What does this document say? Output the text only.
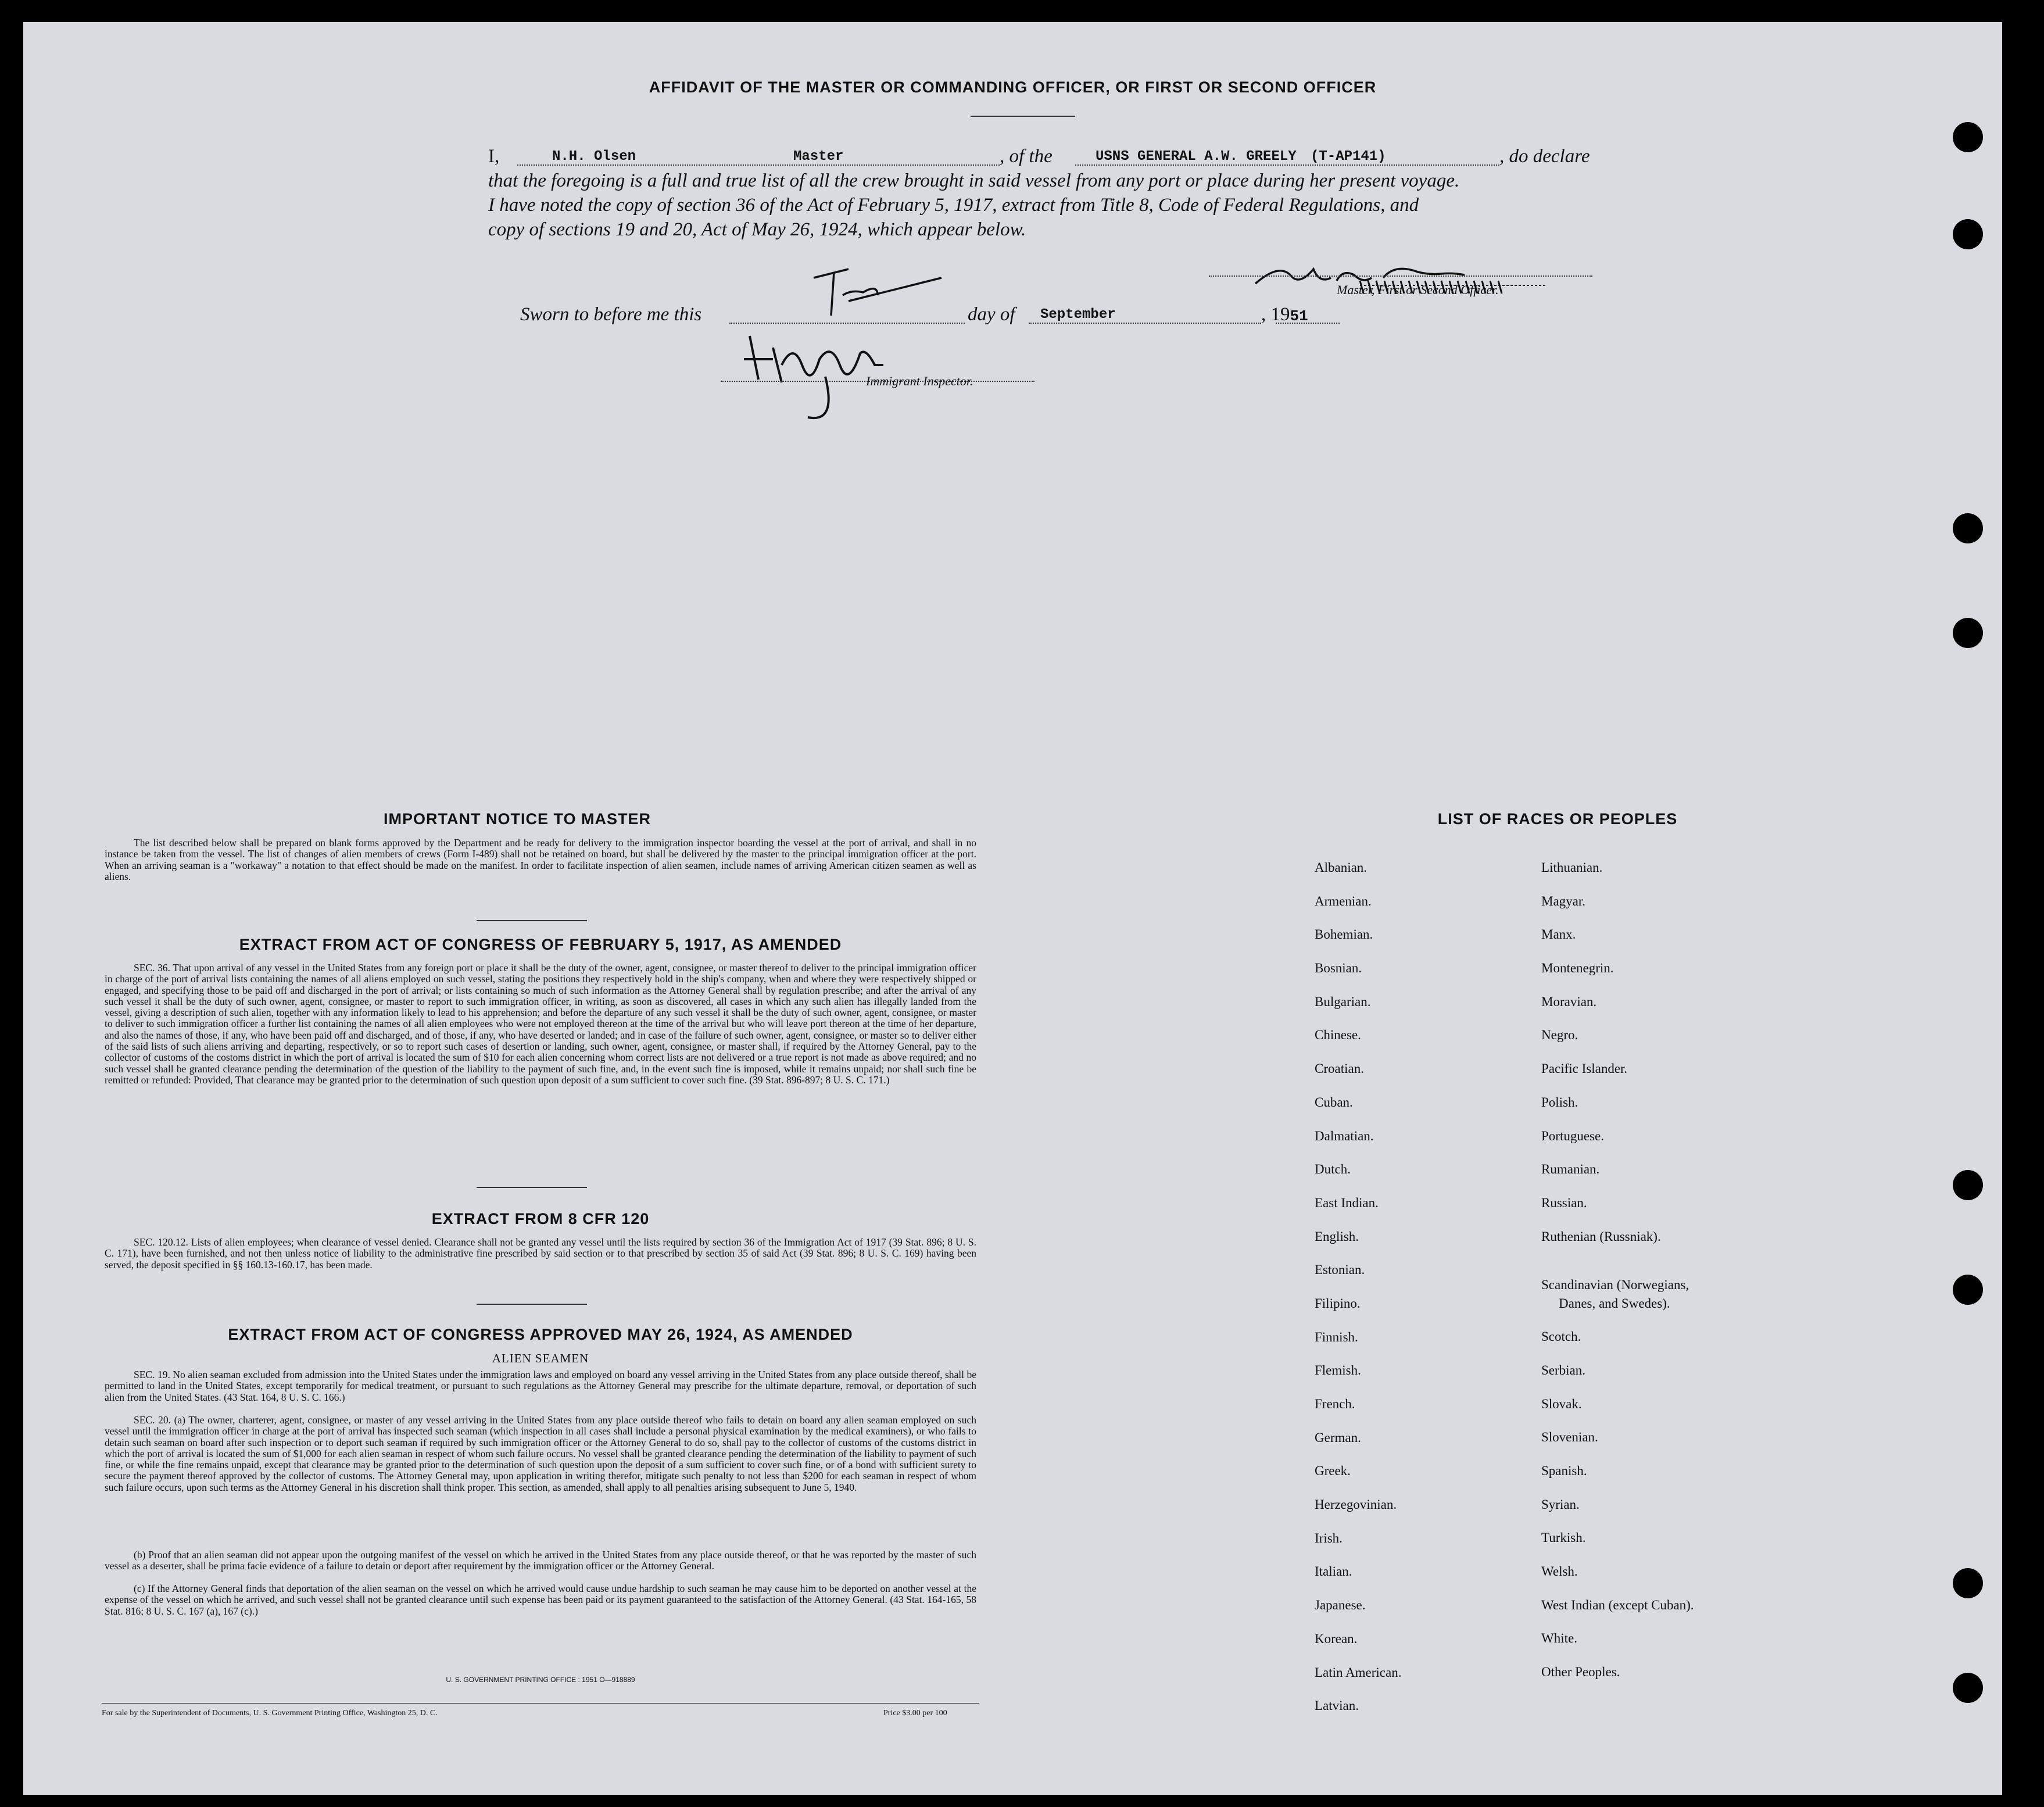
AFFIDAVIT OF THE MASTER OR COMMANDING OFFICER, OR FIRST OR SECOND OFFICER
I,	N.H. Olsen	Master	, of the	USNS GENERAL A.W. GREELY (T-AP141)	, do declare
that the foregoing is a full and true list of all the crew brought in said vessel from any port or place during her present voyage.
I have noted the copy of section 36 of the Act of February 5, 1917, extract from Title 8, Code of Federal Regulations, and
copy of sections 19 and 20, Act of May 26, 1924, which appear below.
Master, First or Second Officer.
Sworn to before me this	day of September	, 1951
Immigrant Inspector.
IMPORTANT NOTICE TO MASTER
The list described below shall be prepared on blank forms approved by the Department and be ready for delivery to the immigration inspector boarding the vessel at the port of arrival, and shall in no instance be taken from the vessel. The list of changes of alien members of crews (Form I-489) shall not be retained on board, but shall be delivered by the master to the principal immigration officer at the port. When an arriving seaman is a "workaway" a notation to that effect should be made on the manifest. In order to facilitate inspection of alien seamen, include names of arriving American citizen seamen as well as aliens.
EXTRACT FROM ACT OF CONGRESS OF FEBRUARY 5, 1917, AS AMENDED
SEC. 36. That upon arrival of any vessel in the United States from any foreign port or place it shall be the duty of the owner, agent, consignee, or master thereof to deliver to the principal immigration officer in charge of the port of arrival lists containing the names of all aliens employed on such vessel, stating the positions they respectively hold in the ship's company, when and where they were respectively shipped or engaged, and specifying those to be paid off and discharged in the port of arrival; or lists containing so much of such information as the Attorney General shall by regulation prescribe; and after the arrival of any such vessel it shall be the duty of such owner, agent, consignee, or master to report to such immigration officer, in writing, as soon as discovered, all cases in which any such alien has illegally landed from the vessel, giving a description of such alien, together with any information likely to lead to his apprehension; and before the departure of any such vessel it shall be the duty of such owner, agent, consignee, or master to deliver to such immigration officer a further list containing the names of all alien employees who were not employed thereon at the time of the arrival but who will leave port thereon at the time of her departure, and also the names of those, if any, who have been paid off and discharged, and of those, if any, who have deserted or landed; and in case of the failure of such owner, agent, consignee, or master so to deliver either of the said lists of such aliens arriving and departing, respectively, or so to report such cases of desertion or landing, such owner, agent, consignee, or master shall, if required by the Attorney General, pay to the collector of customs of the costoms district in which the port of arrival is located the sum of $10 for each alien concerning whom correct lists are not delivered or a true report is not made as above required; and no such vessel shall be granted clearance pending the determination of the question of the liability to the payment of such fine, and, in the event such fine is imposed, while it remains unpaid; nor shall such fine be remitted or refunded: Provided, That clearance may be granted prior to the determination of such question upon deposit of a sum sufficient to cover such fine. (39 Stat. 896-897; 8 U. S. C. 171.)
EXTRACT FROM 8 CFR 120
SEC. 120.12. Lists of alien employees; when clearance of vessel denied. Clearance shall not be granted any vessel until the lists required by section 36 of the Immigration Act of 1917 (39 Stat. 896; 8 U. S. C. 171), have been furnished, and not then unless notice of liability to the administrative fine prescribed by said section or to that prescribed by section 35 of said Act (39 Stat. 896; 8 U. S. C. 169) having been served, the deposit specified in §§ 160.13-160.17, has been made.
EXTRACT FROM ACT OF CONGRESS APPROVED MAY 26, 1924, AS AMENDED
ALIEN SEAMEN
SEC. 19. No alien seaman excluded from admission into the United States under the immigration laws and employed on board any vessel arriving in the United States from any place outside thereof, shall be permitted to land in the United States, except temporarily for medical treatment, or pursuant to such regulations as the Attorney General may prescribe for the ultimate departure, removal, or deportation of such alien from the United States. (43 Stat. 164, 8 U. S. C. 166.)
SEC. 20. (a) The owner, charterer, agent, consignee, or master of any vessel arriving in the United States from any place outside thereof who fails to detain on board any alien seaman employed on such vessel until the immigration officer in charge at the port of arrival has inspected such seaman (which inspection in all cases shall include a personal physical examination by the medical examiners), or who fails to detain such seaman on board after such inspection or to deport such seaman if required by such immigration officer or the Attorney General to do so, shall pay to the collector of customs of the customs district in which the port of arrival is located the sum of $1,000 for each alien seaman in respect of whom such failure occurs. No vessel shall be granted clearance pending the determination of the liability to payment of such fine, or while the fine remains unpaid, except that clearance may be granted prior to the determination of such question upon the deposit of a sum sufficient to cover such fine, or of a bond with sufficient surety to secure the payment thereof approved by the collector of customs. The Attorney General may, upon application in writing therefor, mitigate such penalty to not less than $200 for each seaman in respect of whom such failure occurs, upon such terms as the Attorney General in his discretion shall think proper. This section, as amended, shall apply to all penalties arising subsequent to June 5, 1940.
(b) Proof that an alien seaman did not appear upon the outgoing manifest of the vessel on which he arrived in the United States from any place outside thereof, or that he was reported by the master of such vessel as a deserter, shall be prima facie evidence of a failure to detain or deport after requirement by the immigration officer or the Attorney General.
(c) If the Attorney General finds that deportation of the alien seaman on the vessel on which he arrived would cause undue hardship to such seaman he may cause him to be deported on another vessel at the expense of the vessel on which he arrived, and such vessel shall not be granted clearance until such expense has been paid or its payment guaranteed to the satisfaction of the Attorney General. (43 Stat. 164-165, 58 Stat. 816; 8 U. S. C. 167 (a), 167 (c).)
U. S. GOVERNMENT PRINTING OFFICE : 1951 O—918889
For sale by the Superintendent of Documents, U. S. Government Printing Office, Washington 25, D. C.	Price $3.00 per 100
LIST OF RACES OR PEOPLES
Albanian.
Armenian.
Bohemian.
Bosnian.
Bulgarian.
Chinese.
Croatian.
Cuban.
Dalmatian.
Dutch.
East Indian.
English.
Estonian.
Filipino.
Finnish.
Flemish.
French.
German.
Greek.
Herzegovinian.
Irish.
Italian.
Japanese.
Korean.
Latin American.
Latvian.
Lithuanian.
Magyar.
Manx.
Montenegrin.
Moravian.
Negro.
Pacific Islander.
Polish.
Portuguese.
Rumanian.
Russian.
Ruthenian (Russniak).
Scandinavian (Norwegians,
Danes, and Swedes).
Scotch.
Serbian.
Slovak.
Slovenian.
Spanish.
Syrian.
Turkish.
Welsh.
West Indian (except Cuban).
White.
Other Peoples.
